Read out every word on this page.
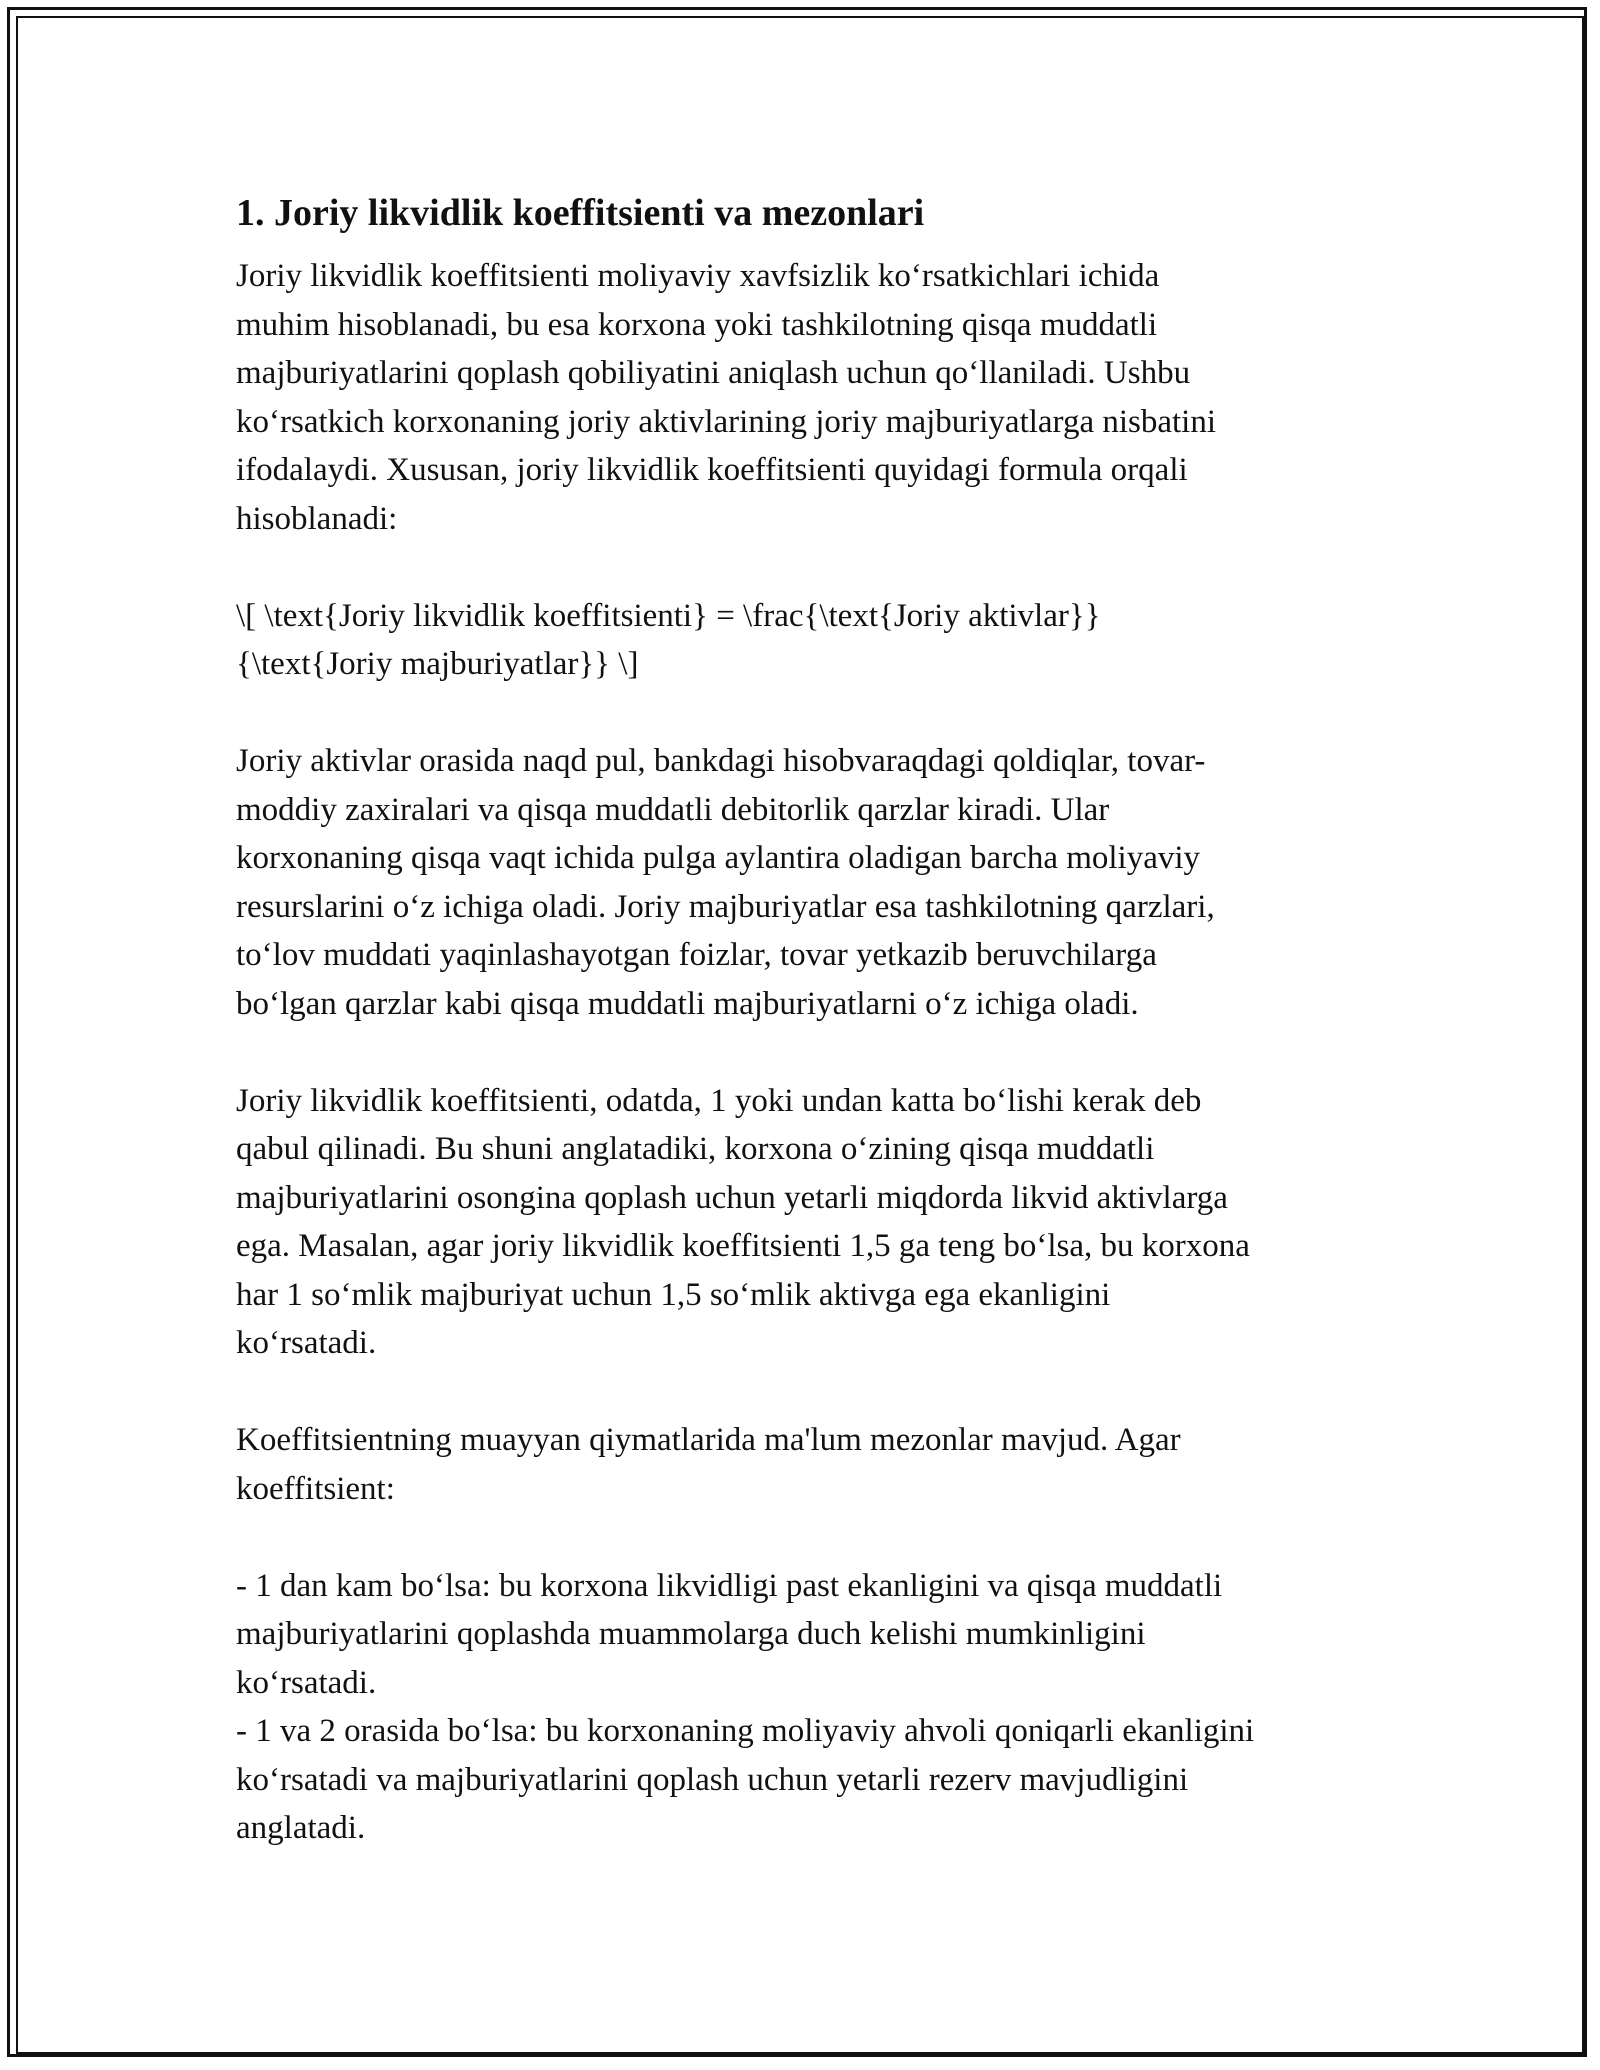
1. Joriy likvidlik koeffitsienti va mezonlari

Joriy likvidlik koeffitsienti moliyaviy xavfsizlik ko‘rsatkichlari ichida
muhim hisoblanadi, bu esa korxona yoki tashkilotning qisqa muddatli
majburiyatlarini qoplash qobiliyatini aniqlash uchun qo‘llaniladi. Ushbu
ko‘rsatkich korxonaning joriy aktivlarining joriy majburiyatlarga nisbatini
ifodalaydi. Xususan, joriy likvidlik koeffitsienti quyidagi formula orqali
hisoblanadi:

\[ \text{Joriy likvidlik koeffitsienti} = \frac{\text{Joriy aktivlar}}
{\text{Joriy majburiyatlar}} \]

Joriy aktivlar orasida naqd pul, bankdagi hisobvaraqdagi qoldiqlar, tovar-
moddiy zaxiralari va qisqa muddatli debitorlik qarzlar kiradi. Ular
korxonaning qisqa vaqt ichida pulga aylantira oladigan barcha moliyaviy
resurslarini o‘z ichiga oladi. Joriy majburiyatlar esa tashkilotning qarzlari,
to‘lov muddati yaqinlashayotgan foizlar, tovar yetkazib beruvchilarga
bo‘lgan qarzlar kabi qisqa muddatli majburiyatlarni o‘z ichiga oladi.

Joriy likvidlik koeffitsienti, odatda, 1 yoki undan katta bo‘lishi kerak deb
qabul qilinadi. Bu shuni anglatadiki, korxona o‘zining qisqa muddatli
majburiyatlarini osongina qoplash uchun yetarli miqdorda likvid aktivlarga
ega. Masalan, agar joriy likvidlik koeffitsienti 1,5 ga teng bo‘lsa, bu korxona
har 1 so‘mlik majburiyat uchun 1,5 so‘mlik aktivga ega ekanligini
ko‘rsatadi.

Koeffitsientning muayyan qiymatlarida ma'lum mezonlar mavjud. Agar
koeffitsient:

- 1 dan kam bo‘lsa: bu korxona likvidligi past ekanligini va qisqa muddatli
majburiyatlarini qoplashda muammolarga duch kelishi mumkinligini
ko‘rsatadi.
- 1 va 2 orasida bo‘lsa: bu korxonaning moliyaviy ahvoli qoniqarli ekanligini
ko‘rsatadi va majburiyatlarini qoplash uchun yetarli rezerv mavjudligini
anglatadi.
